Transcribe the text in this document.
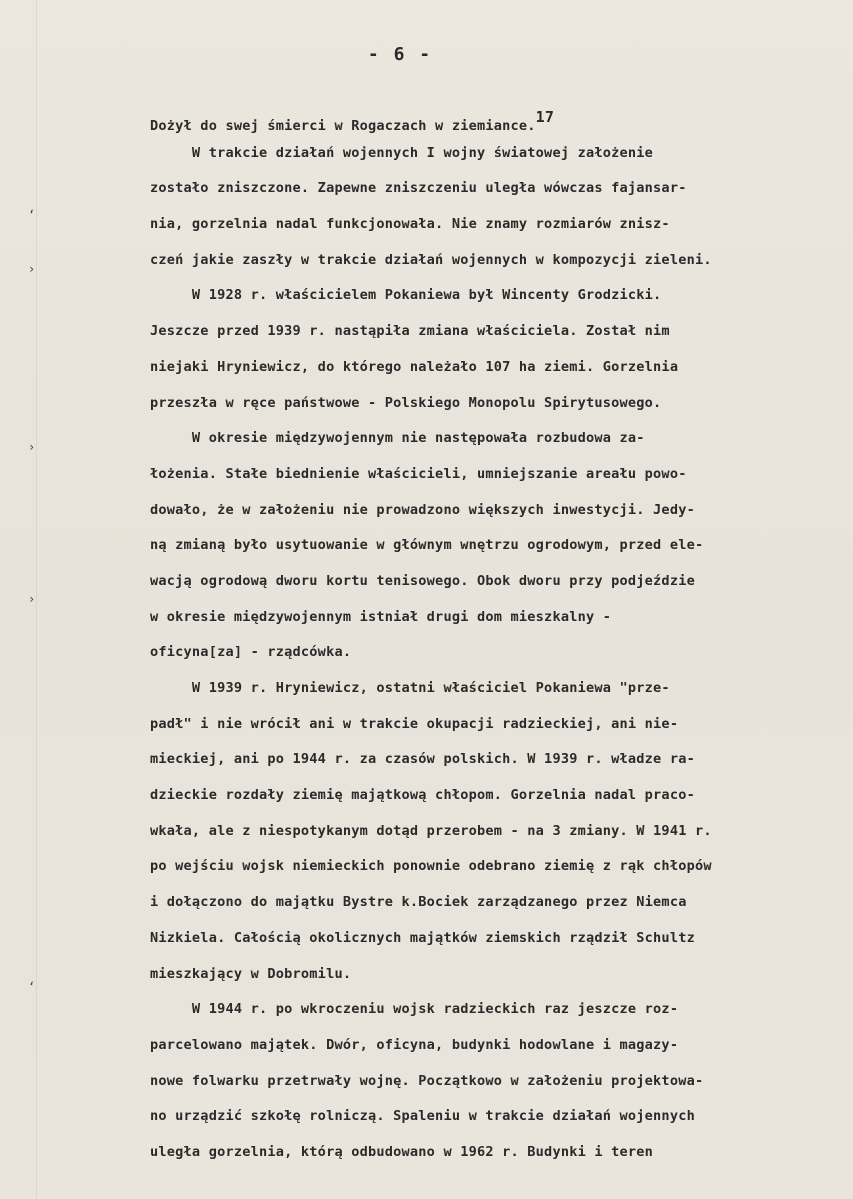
‘
›
›
›
‘
- 6 -
Dożył do swej śmierci w Rogaczach w ziemiance.17
W trakcie działań wojennych I wojny światowej założenie
zostało zniszczone. Zapewne zniszczeniu uległa wówczas fajansar-
nia, gorzelnia nadal funkcjonowała. Nie znamy rozmiarów znisz-
czeń jakie zaszły w trakcie działań wojennych w kompozycji zieleni.
W 1928 r. właścicielem Pokaniewa był Wincenty Grodzicki.
Jeszcze przed 1939 r. nastąpiła zmiana właściciela. Został nim
niejaki Hryniewicz, do którego należało 107 ha ziemi. Gorzelnia
przeszła w ręce państwowe - Polskiego Monopolu Spirytusowego.
W okresie międzywojennym nie następowała rozbudowa za-
łożenia. Stałe biednienie właścicieli, umniejszanie areału powo-
dowało, że w założeniu nie prowadzono większych inwestycji. Jedy-
ną zmianą było usytuowanie w głównym wnętrzu ogrodowym, przed ele-
wacją ogrodową dworu kortu tenisowego. Obok dworu przy podjeździe
w okresie międzywojennym istniał drugi dom mieszkalny -
oficyna[za] - rządcówka.
W 1939 r. Hryniewicz, ostatni właściciel Pokaniewa "prze-
padł" i nie wrócił ani w trakcie okupacji radzieckiej, ani nie-
mieckiej, ani po 1944 r. za czasów polskich. W 1939 r. władze ra-
dzieckie rozdały ziemię majątkową chłopom. Gorzelnia nadal praco-
wkała, ale z niespotykanym dotąd przerobem - na 3 zmiany. W 1941 r.
po wejściu wojsk niemieckich ponownie odebrano ziemię z rąk chłopów
i dołączono do majątku Bystre k.Bociek zarządzanego przez Niemca
Nizkiela. Całością okolicznych majątków ziemskich rządził Schultz
mieszkający w Dobromilu.
W 1944 r. po wkroczeniu wojsk radzieckich raz jeszcze roz-
parcelowano majątek. Dwór, oficyna, budynki hodowlane i magazy-
nowe folwarku przetrwały wojnę. Początkowo w założeniu projektowa-
no urządzić szkołę rolniczą. Spaleniu w trakcie działań wojennych
uległa gorzelnia, którą odbudowano w 1962 r. Budynki i teren
